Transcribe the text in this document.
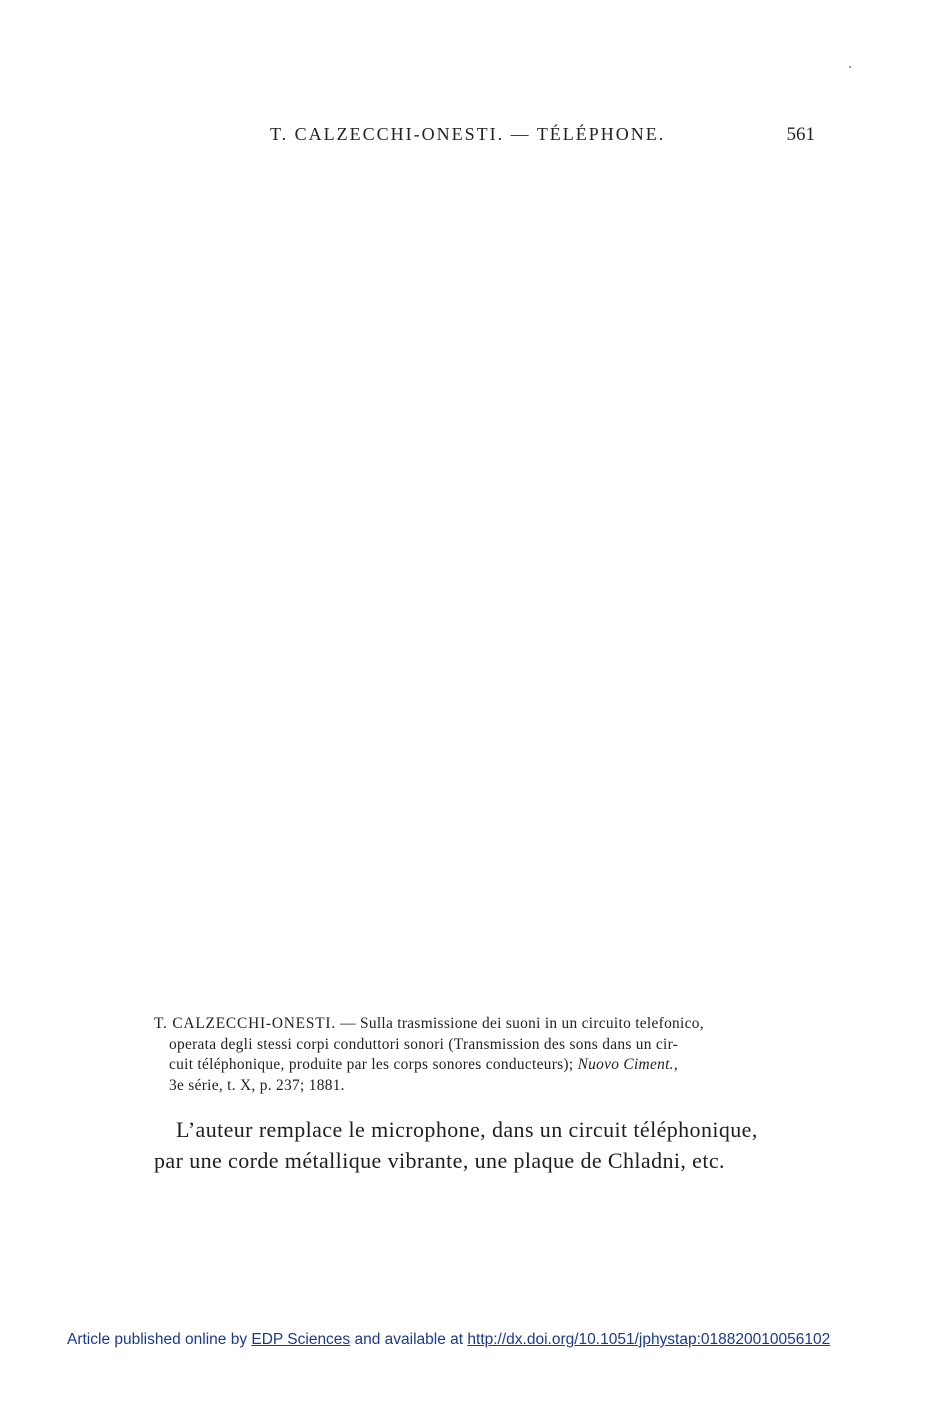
T. CALZECCHI-ONESTI. — TÉLÉPHONE.	561
T. CALZECCHI-ONESTI. — Sulla trasmissione dei suoni in un circuito telefonico,
operata degli stessi corpi conduttori sonori (Transmission des sons dans un cir-
cuit téléphonique, produite par les corps sonores conducteurs); Nuovo Ciment.,
3e série, t. X, p. 237; 1881.
L’auteur remplace le microphone, dans un circuit téléphonique,
par une corde métallique vibrante, une plaque de Chladni, etc.
Article published online by EDP Sciences and available at http://dx.doi.org/10.1051/jphystap:018820010056102
